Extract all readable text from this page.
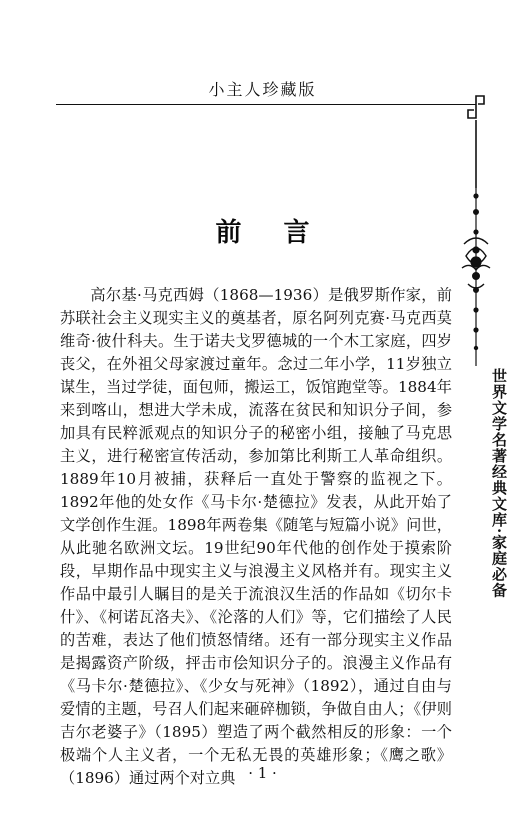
小主人珍藏版
前言

高尔基·马克西姆（1868—1936）是俄罗斯作家，前苏联社会主义现实主义的奠基者，原名阿列克赛·马克西莫维奇·彼什科夫。生于诺夫戈罗德城的一个木工家庭，四岁丧父，在外祖父母家渡过童年。念过二年小学，11岁独立谋生，当过学徒，面包师，搬运工，饭馆跑堂等。1884年来到喀山，想进大学未成，流落在贫民和知识分子间，参加具有民粹派观点的知识分子的秘密小组，接触了马克思主义，进行秘密宣传活动，参加第比利斯工人革命组织。1889年10月被捕，获释后一直处于警察的监视之下。1892年他的处女作《马卡尔·楚德拉》发表，从此开始了文学创作生涯。1898年两卷集《随笔与短篇小说》问世，从此驰名欧洲文坛。19世纪90年代他的创作处于摸索阶段，早期作品中现实主义与浪漫主义风格并有。现实主义作品中最引人瞩目的是关于流浪汉生活的作品如《切尔卡什》、《柯诺瓦洛夫》、《沦落的人们》等，它们描绘了人民的苦难，表达了他们愤怒情绪。还有一部分现实主义作品是揭露资产阶级，抨击市侩知识分子的。浪漫主义作品有《马卡尔·楚德拉》、《少女与死神》（1892），通过自由与爱情的主题，号召人们起来砸碎枷锁，争做自由人；《伊则吉尔老婆子》（1895）塑造了两个截然相反的形象：一个极端个人主义者，一个无私无畏的英雄形象；《鹰之歌》（1896）通过两个对立典 · 1 ·
世界文学名著经典文库·家庭必备
